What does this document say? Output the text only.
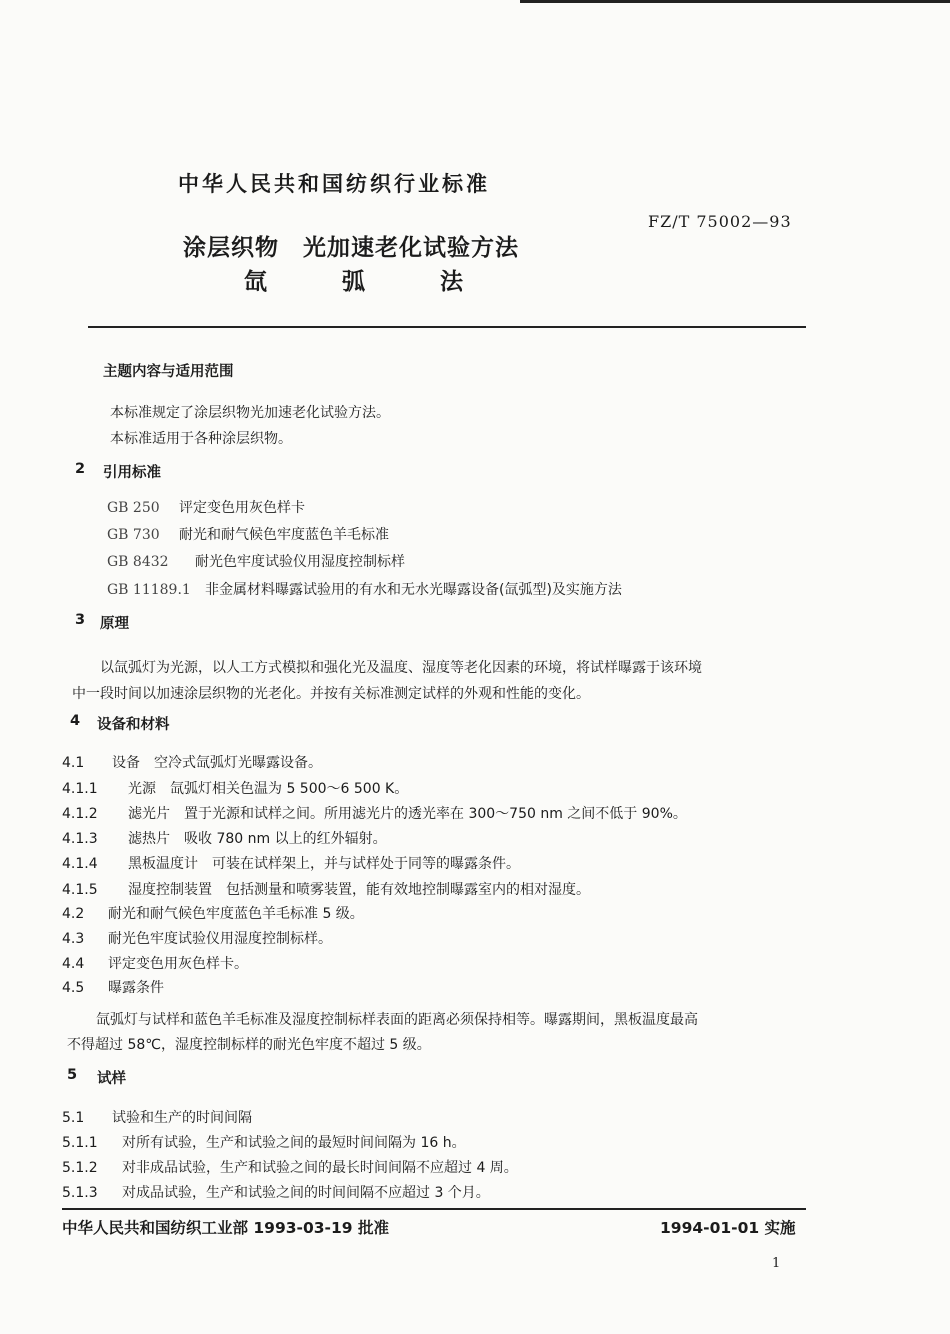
中华人民共和国纺织行业标准
FZ/T 75002—93
涂层织物　光加速老化试验方法
氙	弧	法
主题内容与适用范围
本标准规定了涂层织物光加速老化试验方法。
本标准适用于各种涂层织物。
2 引用标准
GB 250 评定变色用灰色样卡
GB 730 耐光和耐气候色牢度蓝色羊毛标准
GB 8432 耐光色牢度试验仪用湿度控制标样
GB 11189.1 非金属材料曝露试验用的有水和无水光曝露设备(氙弧型)及实施方法
3 原理
以氙弧灯为光源，以人工方式模拟和强化光及温度、湿度等老化因素的环境，将试样曝露于该环境
中一段时间以加速涂层织物的光老化。并按有关标准测定试样的外观和性能的变化。
4 设备和材料
4.1 设备　空冷式氙弧灯光曝露设备。
4.1.1 光源　氙弧灯相关色温为 5 500～6 500 K。
4.1.2 滤光片　置于光源和试样之间。所用滤光片的透光率在 300～750 nm 之间不低于 90%。
4.1.3 滤热片　吸收 780 nm 以上的红外辐射。
4.1.4 黑板温度计　可装在试样架上，并与试样处于同等的曝露条件。
4.1.5 湿度控制装置　包括测量和喷雾装置，能有效地控制曝露室内的相对湿度。
4.2 耐光和耐气候色牢度蓝色羊毛标准 5 级。
4.3 耐光色牢度试验仪用湿度控制标样。
4.4 评定变色用灰色样卡。
4.5 曝露条件
氙弧灯与试样和蓝色羊毛标准及湿度控制标样表面的距离必须保持相等。曝露期间，黑板温度最高
不得超过 58℃，湿度控制标样的耐光色牢度不超过 5 级。
5 试样
5.1 试验和生产的时间间隔
5.1.1 对所有试验，生产和试验之间的最短时间间隔为 16 h。
5.1.2 对非成品试验，生产和试验之间的最长时间间隔不应超过 4 周。
5.1.3 对成品试验，生产和试验之间的时间间隔不应超过 3 个月。
中华人民共和国纺织工业部 1993-03-19 批准	1994-01-01 实施
1
